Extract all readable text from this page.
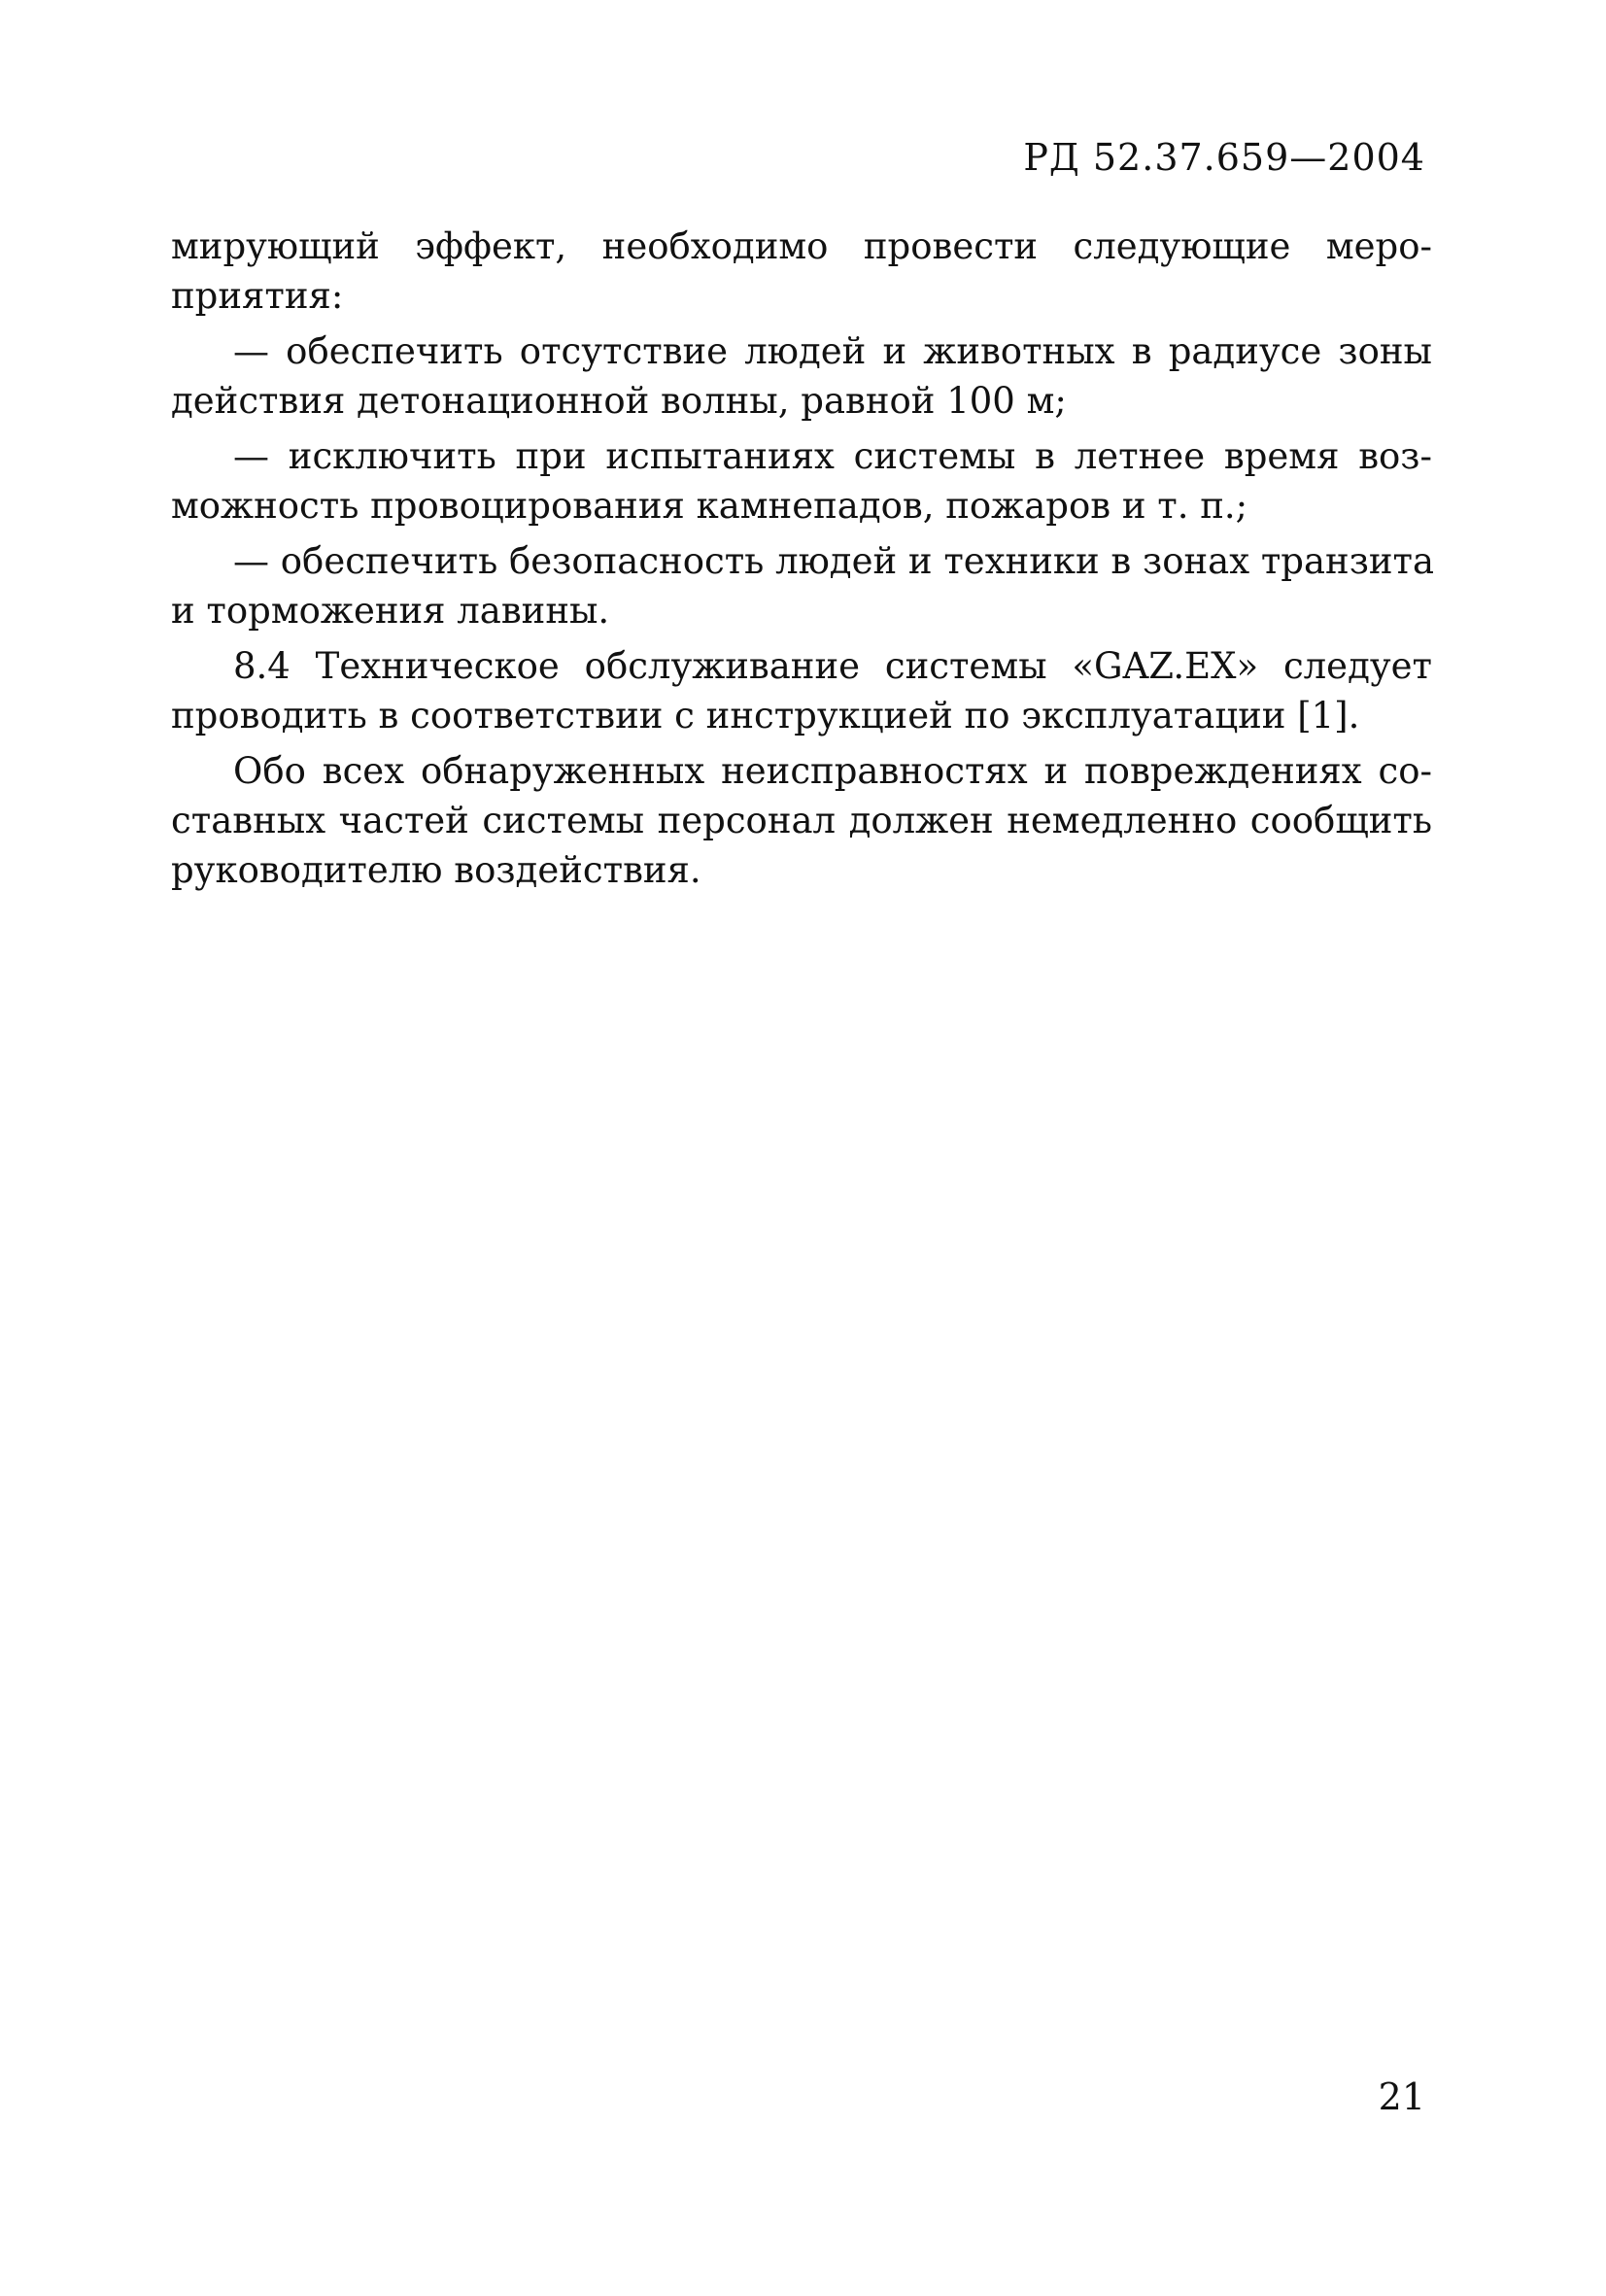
РД 52.37.659—2004

мирующий эффект, необходимо провести следующие меро-
приятия:

— обеспечить отсутствие людей и животных в радиусе зоны
действия детонационной волны, равной 100 м;

— исключить при испытаниях системы в летнее время воз-
можность провоцирования камнепадов, пожаров и т. п.;

— обеспечить безопасность людей и техники в зонах транзита
и торможения лавины.

8.4 Техническое обслуживание системы «GAZ.EX» следует
проводить в соответствии с инструкцией по эксплуатации [1].

Обо всех обнаруженных неисправностях и повреждениях со-
ставных частей системы персонал должен немедленно сообщить
руководителю воздействия.

21
